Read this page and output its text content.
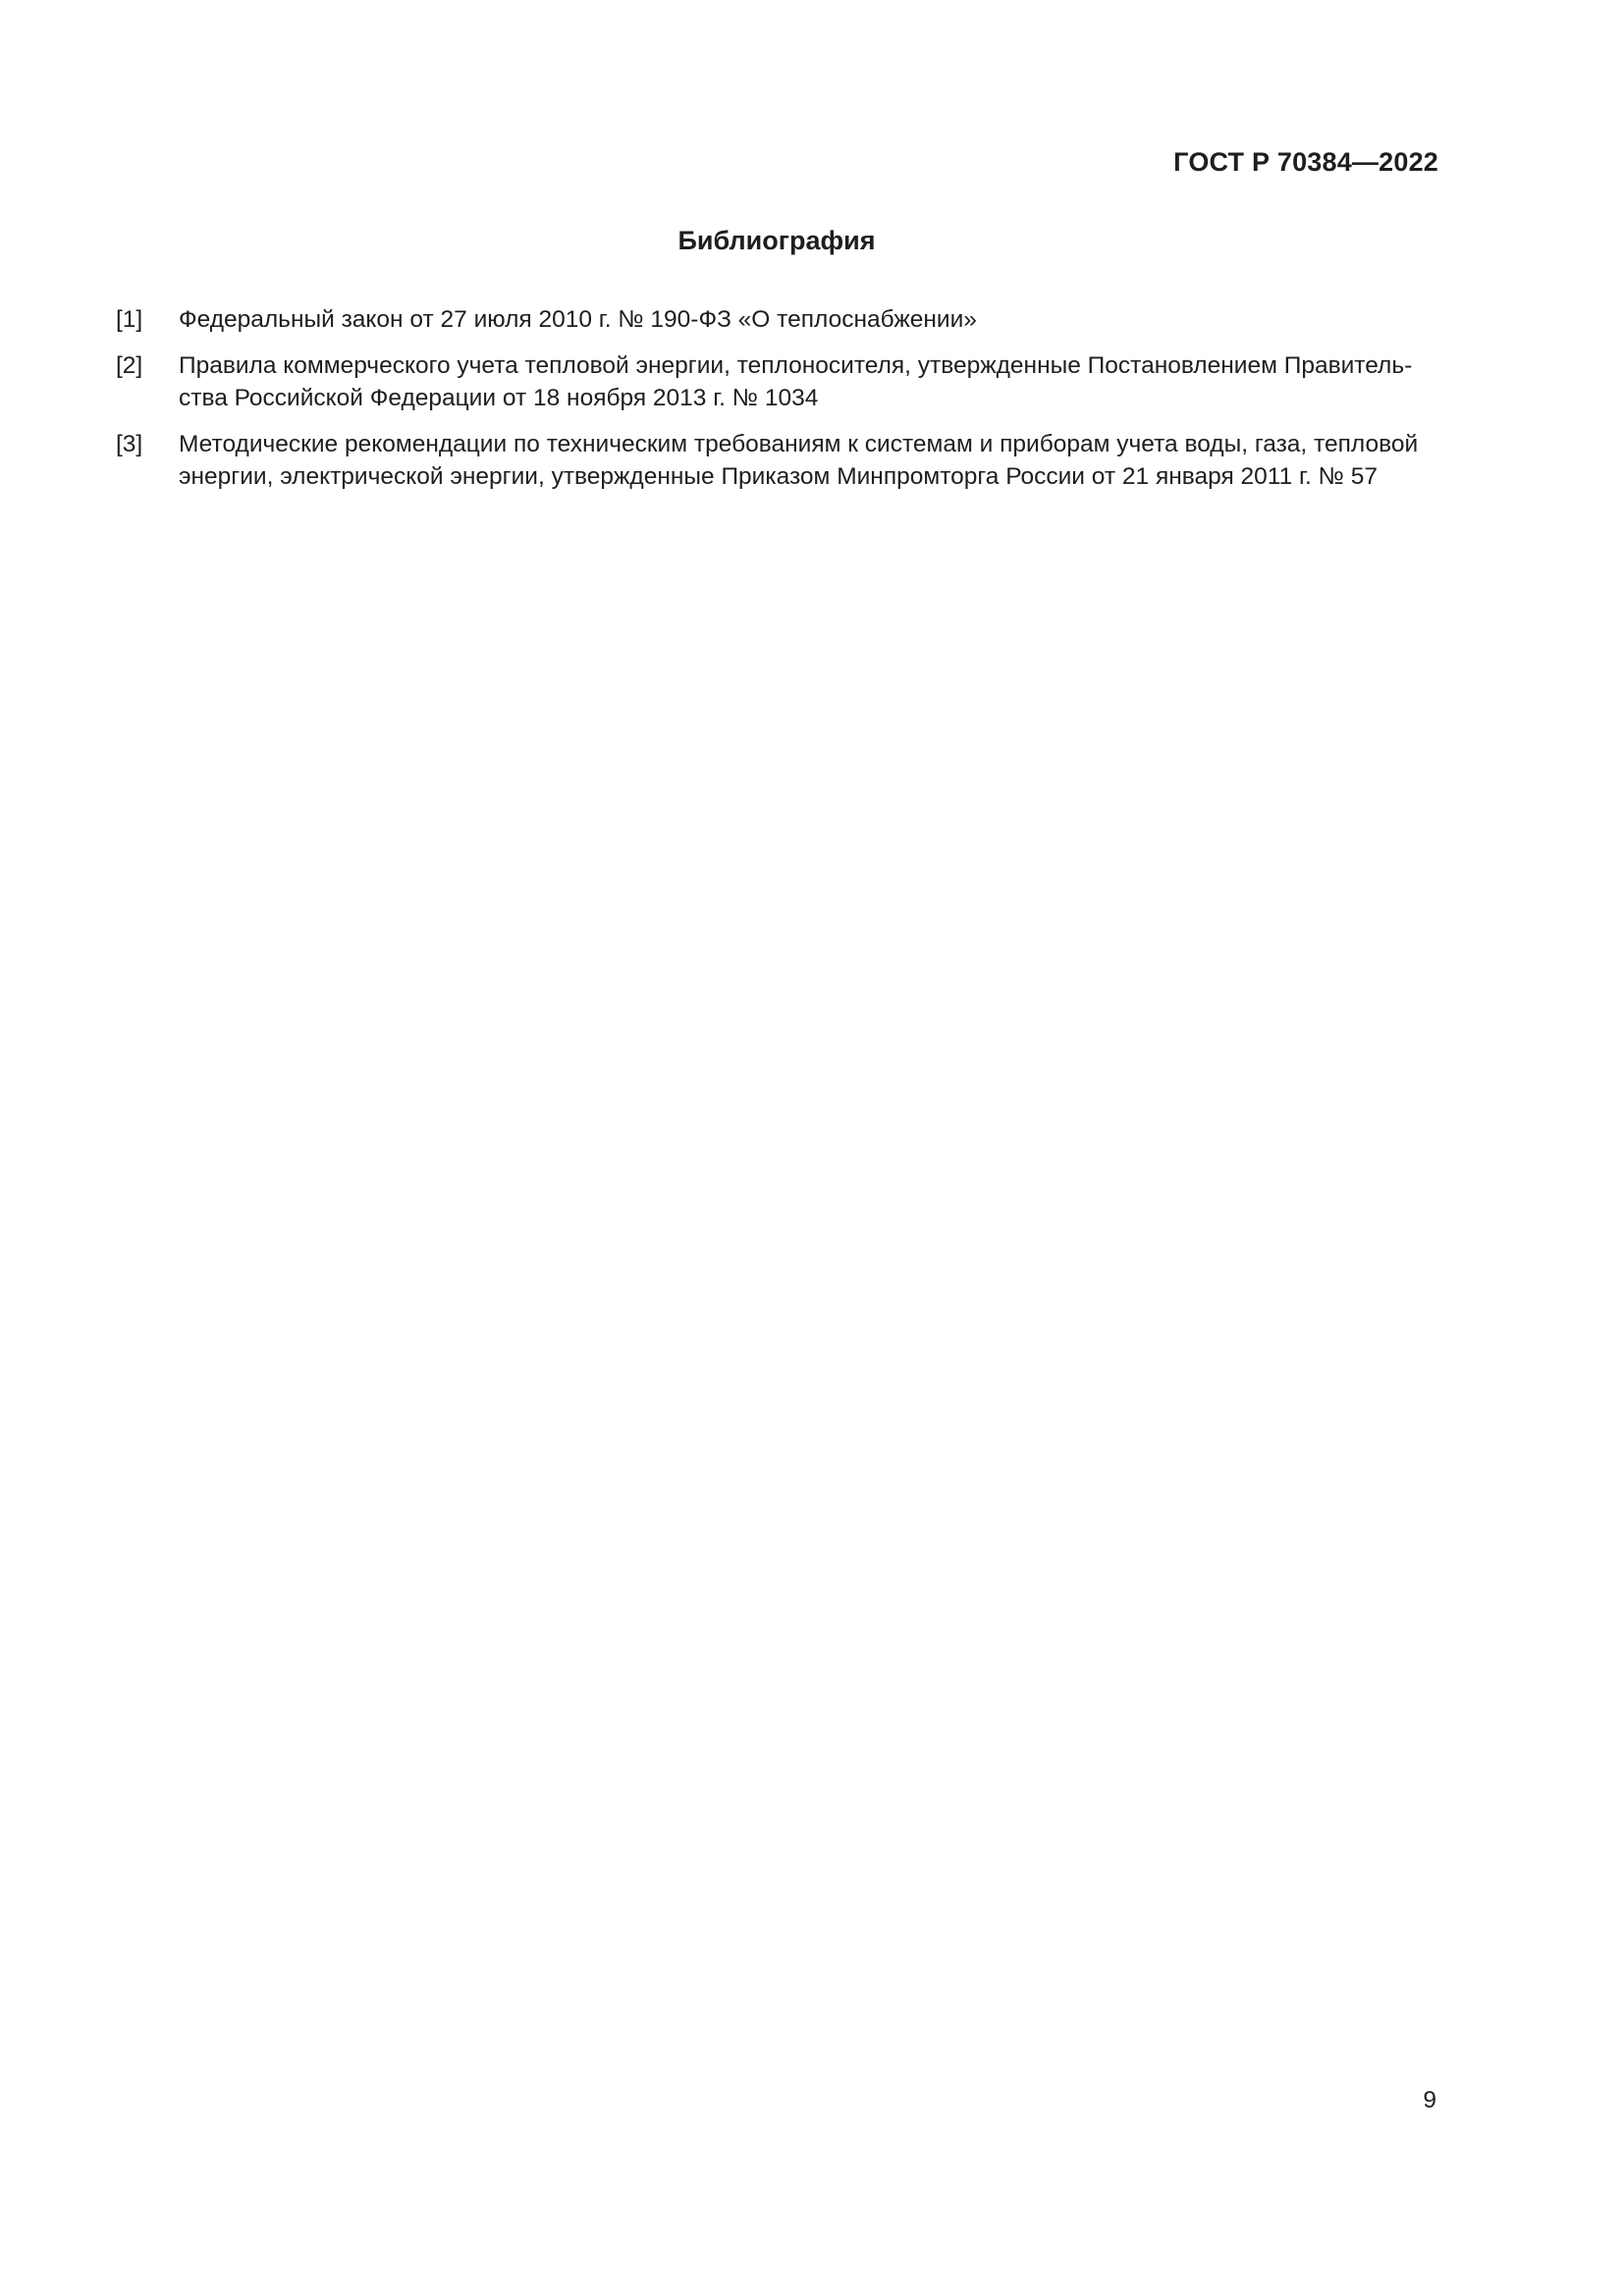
ГОСТ Р 70384—2022
Библиография
[1]	Федеральный закон от 27 июля 2010 г. № 190-ФЗ «О теплоснабжении»
[2]	Правила коммерческого учета тепловой энергии, теплоносителя, утвержденные Постановлением Правитель-
ства Российской Федерации от 18 ноября 2013 г. № 1034
[3]	Методические рекомендации по техническим требованиям к системам и приборам учета воды, газа, тепловой
энергии, электрической энергии, утвержденные Приказом Минпромторга России от 21 января 2011 г. № 57
9
